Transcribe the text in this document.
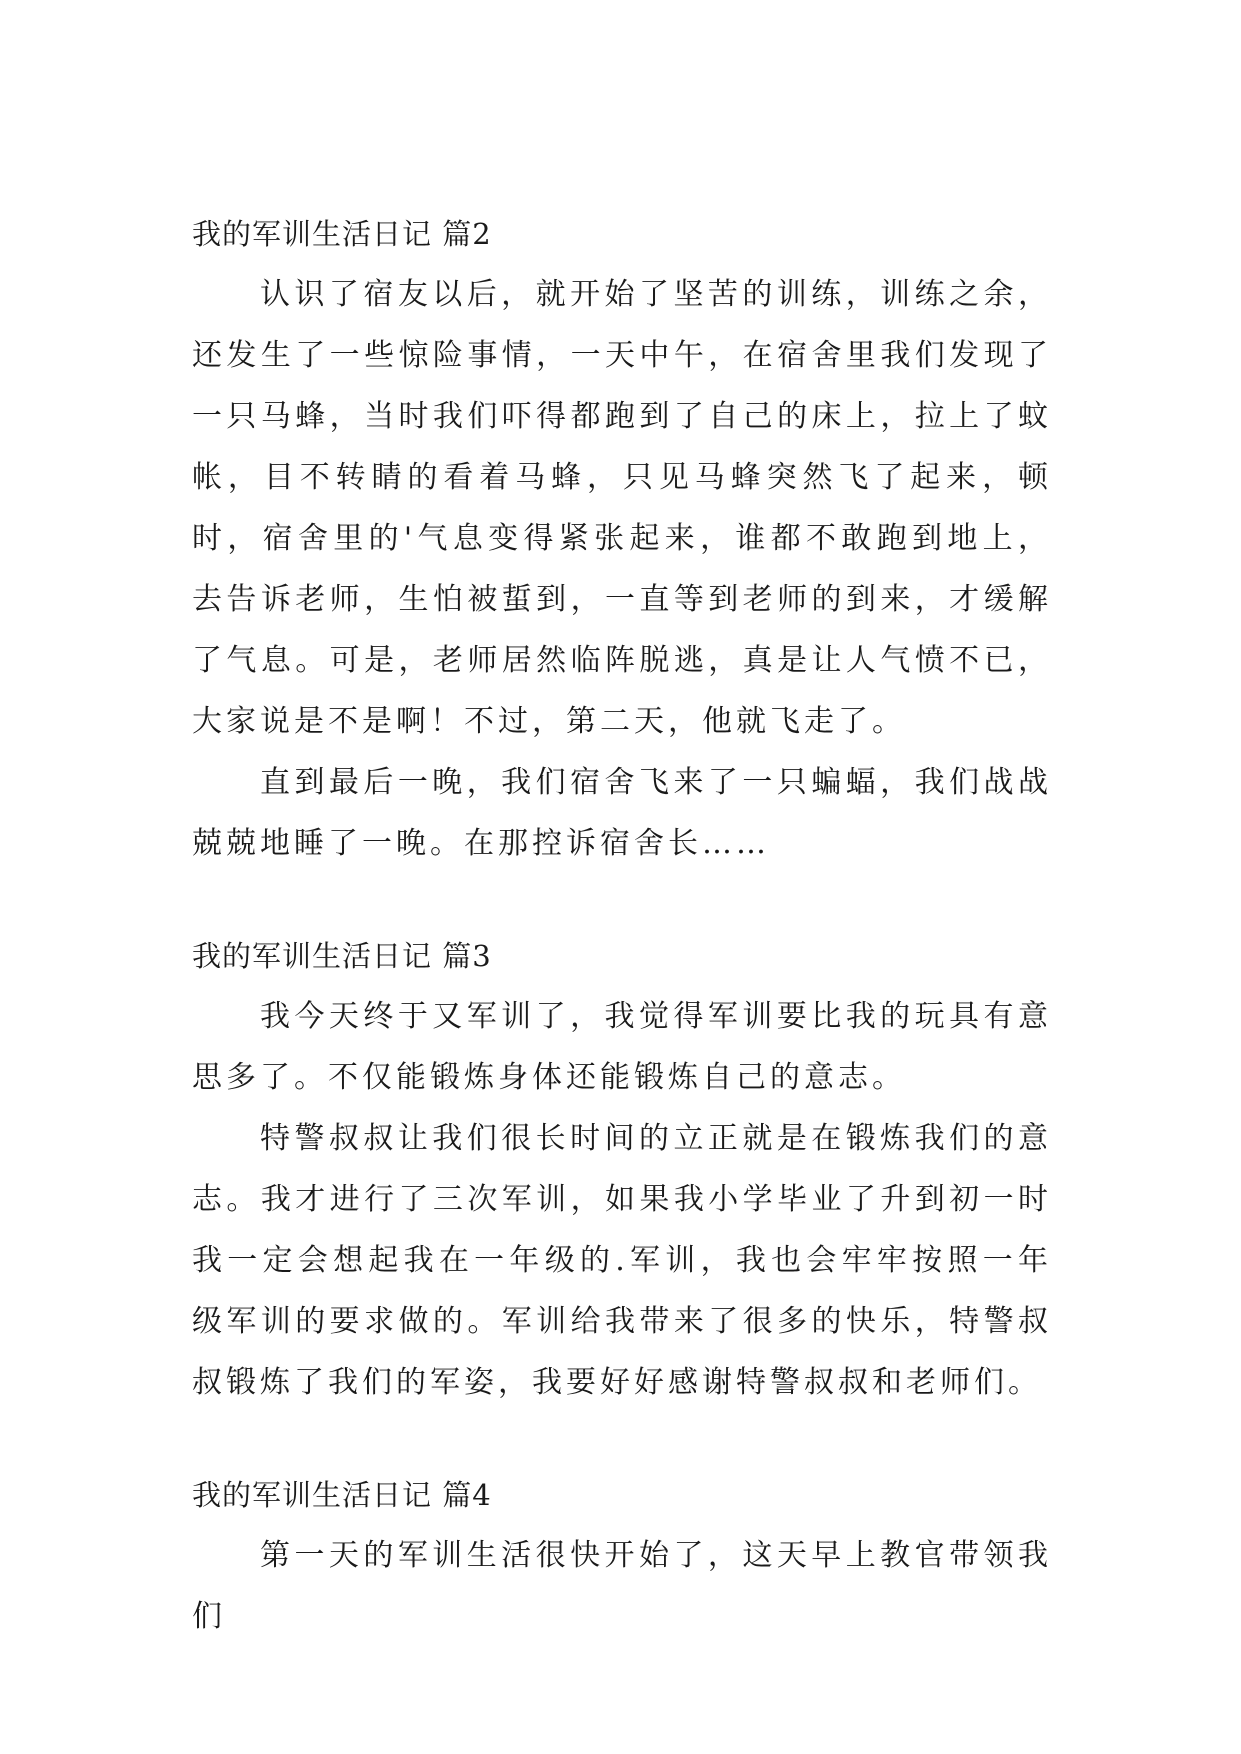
我的军训生活日记 篇2

认识了宿友以后，就开始了坚苦的训练，训练之余，还发生了一些惊险事情，一天中午，在宿舍里我们发现了一只马蜂，当时我们吓得都跑到了自己的床上，拉上了蚊帐，目不转睛的看着马蜂，只见马蜂突然飞了起来，顿时，宿舍里的'气息变得紧张起来，谁都不敢跑到地上，去告诉老师，生怕被蜇到，一直等到老师的到来，才缓解了气息。可是，老师居然临阵脱逃，真是让人气愤不已，大家说是不是啊！不过，第二天，他就飞走了。

直到最后一晚，我们宿舍飞来了一只蝙蝠，我们战战兢兢地睡了一晚。在那控诉宿舍长……

我的军训生活日记 篇3

我今天终于又军训了，我觉得军训要比我的玩具有意思多了。不仅能锻炼身体还能锻炼自己的意志。

特警叔叔让我们很长时间的立正就是在锻炼我们的意志。我才进行了三次军训，如果我小学毕业了升到初一时我一定会想起我在一年级的.军训，我也会牢牢按照一年级军训的要求做的。军训给我带来了很多的快乐，特警叔叔锻炼了我们的军姿，我要好好感谢特警叔叔和老师们。

我的军训生活日记 篇4

第一天的军训生活很快开始了，这天早上教官带领我们
